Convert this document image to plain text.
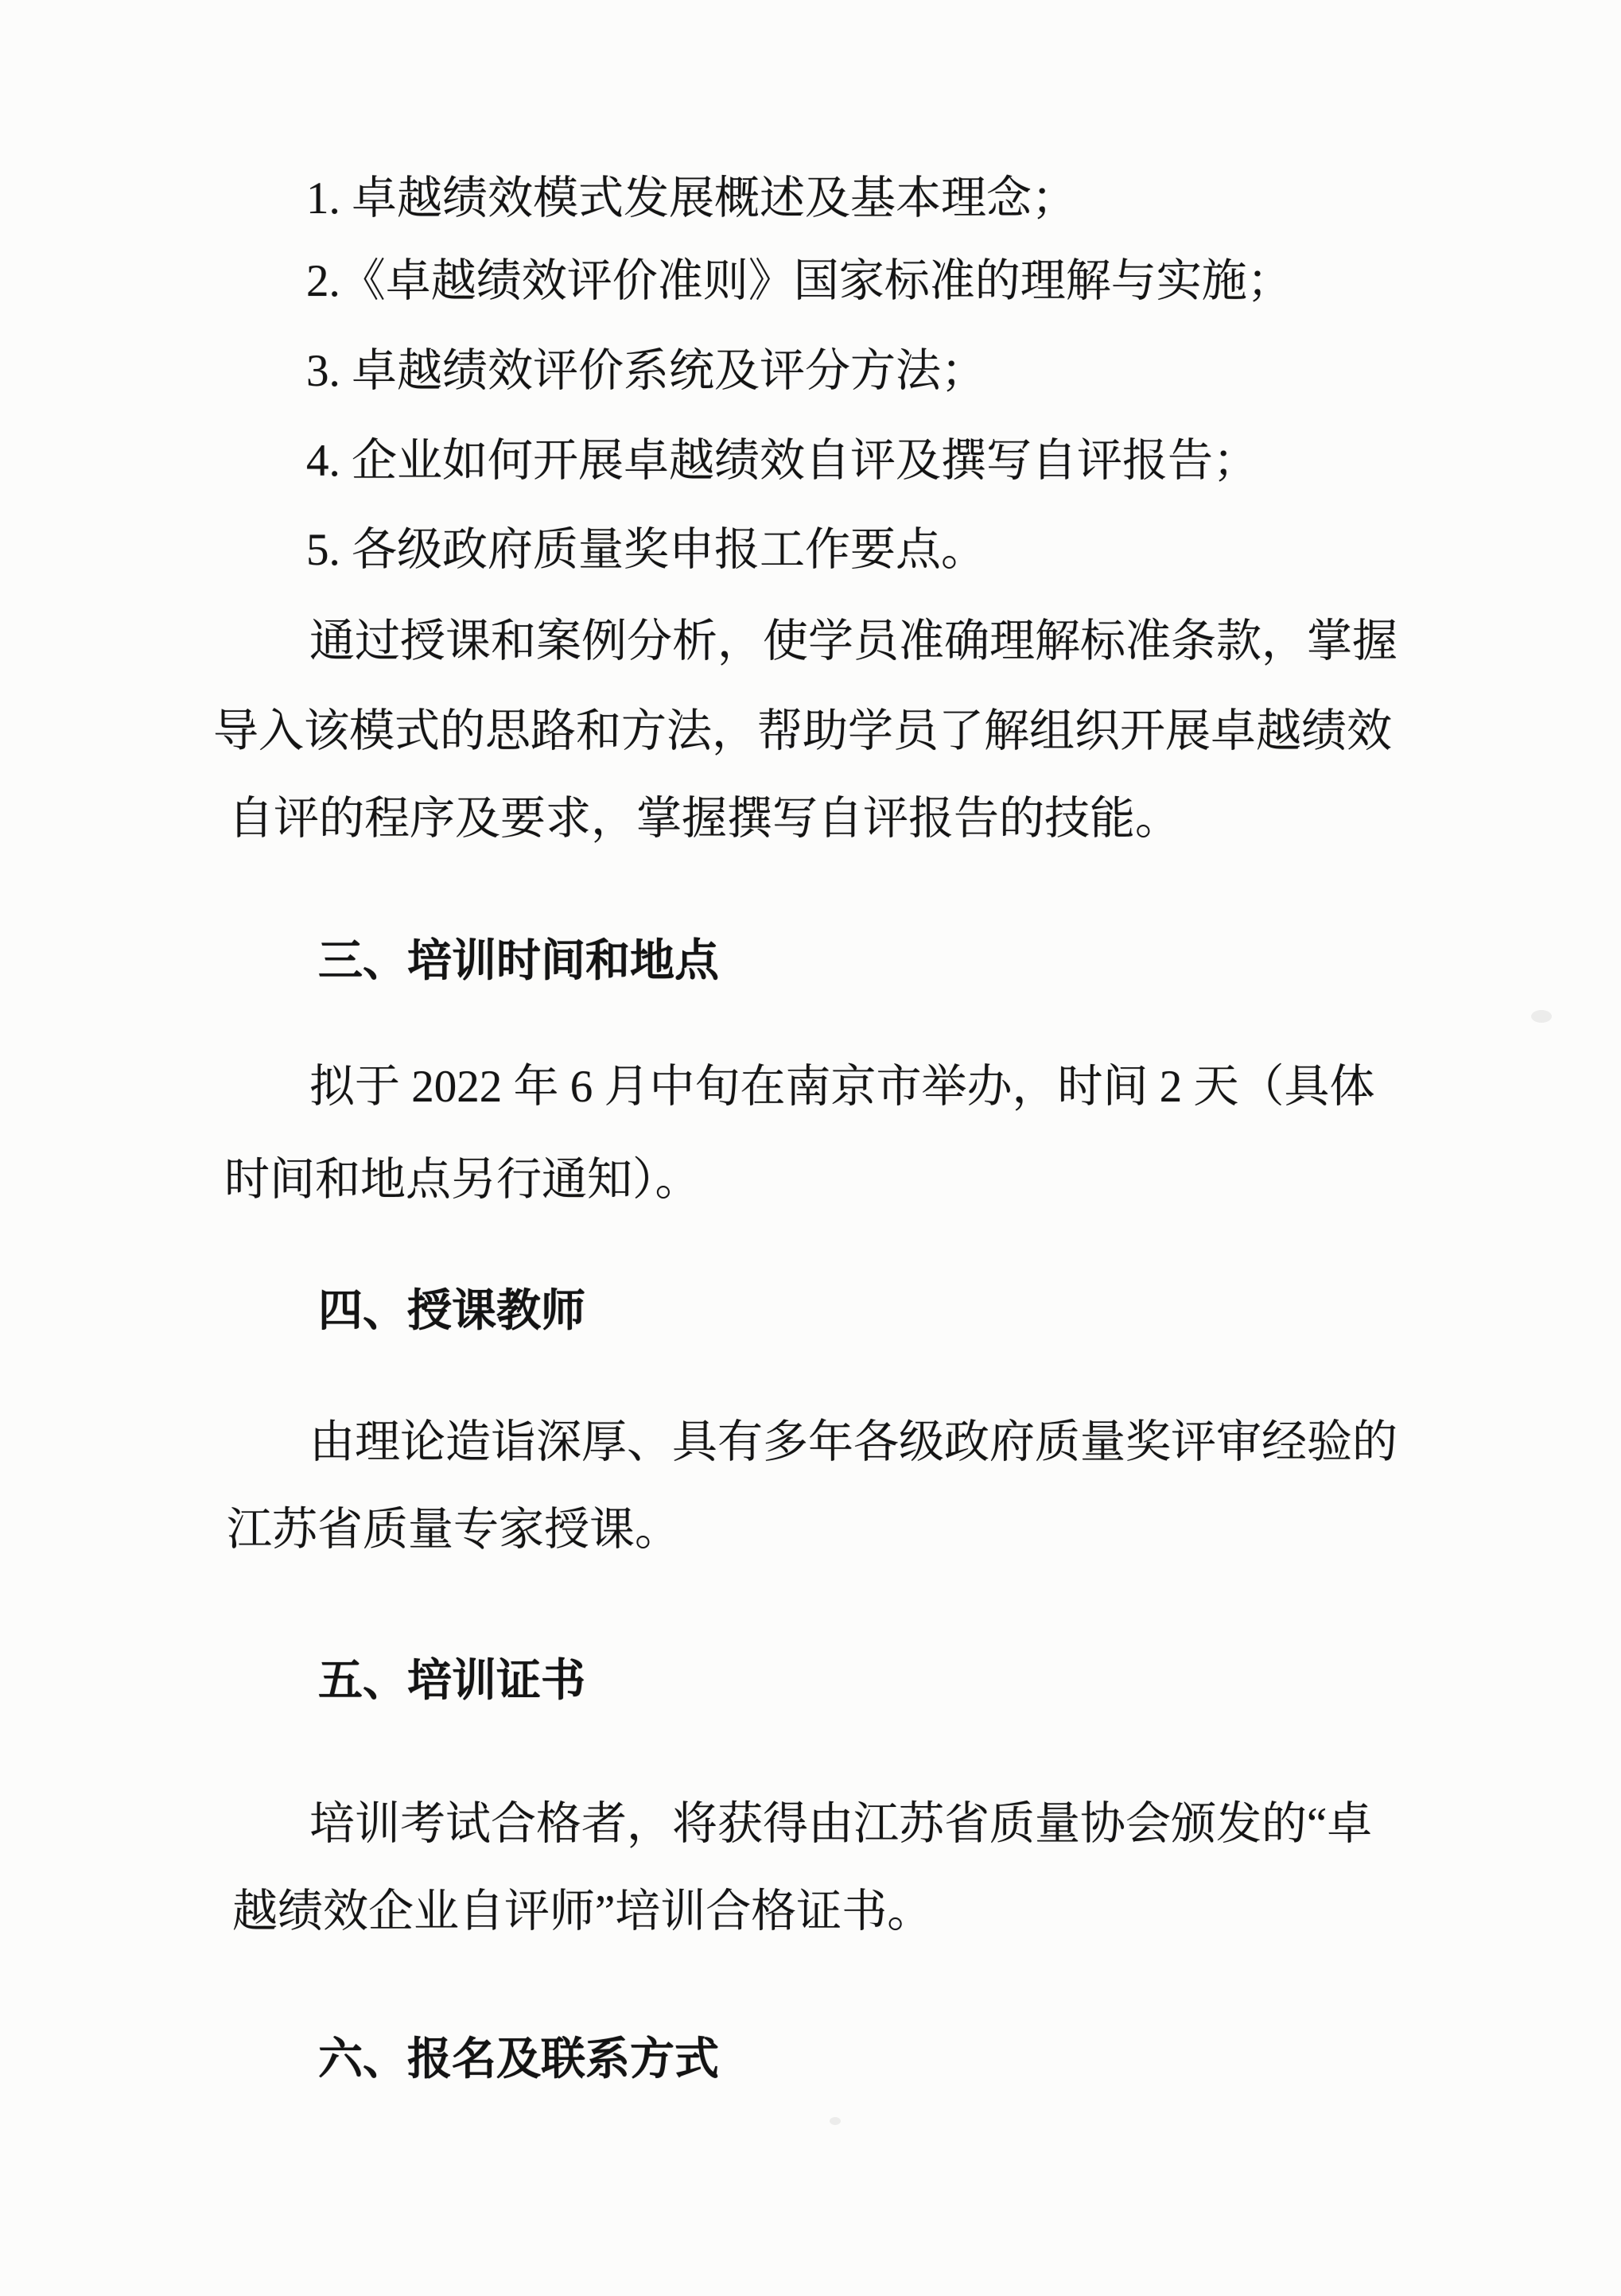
1. 卓越绩效模式发展概述及基本理念；
2.《卓越绩效评价准则》国家标准的理解与实施；
3. 卓越绩效评价系统及评分方法；
4. 企业如何开展卓越绩效自评及撰写自评报告；
5. 各级政府质量奖申报工作要点。
通过授课和案例分析，使学员准确理解标准条款，掌握
导入该模式的思路和方法，帮助学员了解组织开展卓越绩效
自评的程序及要求，掌握撰写自评报告的技能。
三、培训时间和地点
拟于 2022 年 6 月中旬在南京市举办，时间 2 天（具体
时间和地点另行通知）。
四、授课教师
由理论造诣深厚、具有多年各级政府质量奖评审经验的
江苏省质量专家授课。
五、培训证书
培训考试合格者，将获得由江苏省质量协会颁发的“卓
越绩效企业自评师”培训合格证书。
六、报名及联系方式
